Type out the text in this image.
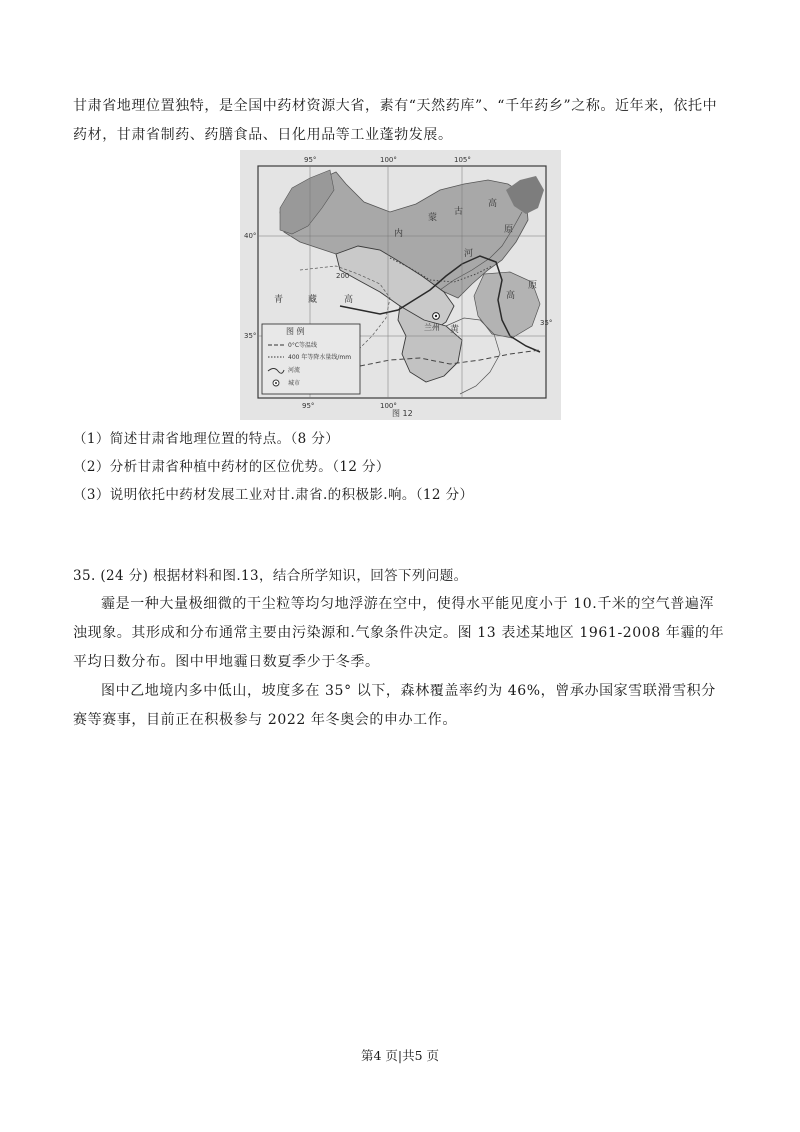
甘肃省地理位置独特，是全国中药材资源大省，素有“天然药库”、“千年药乡”之称。近年来，依托中药材，甘肃省制药、药膳食品、日化用品等工业蓬勃发展。

95°	100°	105°
40°
35°
35°
95°	100°
内
蒙
古
高
原
青	藏	高
兰州 黄
高
原
河
200
图 例
0°C等温线
400 年等降水量线/mm
河流
城市
图 12

（1）简述甘肃省地理位置的特点。（8 分）

（2）分析甘肃省种植中药材的区位优势。（12 分）

（3）说明依托中药材发展工业对甘.肃省.的积极影.响。（12 分）

35. (24 分) 根据材料和图.13，结合所学知识，回答下列问题。

霾是一种大量极细微的干尘粒等均匀地浮游在空中，使得水平能见度小于 10.千米的空气普遍浑浊现象。其形成和分布通常主要由污染源和.气象条件决定。图 13 表述某地区 1961-2008 年霾的年平均日数分布。图中甲地霾日数夏季少于冬季。

图中乙地境内多中低山，坡度多在 35° 以下，森林覆盖率约为 46%，曾承办国家雪联滑雪积分赛等赛事，目前正在积极参与 2022 年冬奥会的申办工作。

第4 页|共5 页
